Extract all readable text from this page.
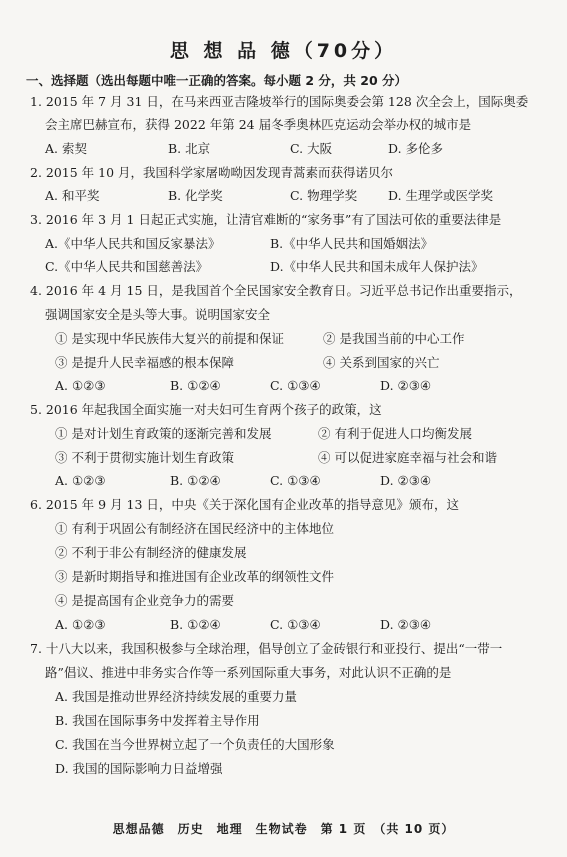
思 想 品 德（70分）
一、选择题（选出每题中唯一正确的答案。每小题 2 分，共 20 分）
1. 2015 年 7 月 31 日，在马来西亚吉隆坡举行的国际奥委会第 128 次全会上，国际奥委
会主席巴赫宣布，获得 2022 年第 24 届冬季奥林匹克运动会举办权的城市是
A. 索契	B. 北京	C. 大阪	D. 多伦多
2. 2015 年 10 月，我国科学家屠呦呦因发现青蒿素而获得诺贝尔
A. 和平奖	B. 化学奖	C. 物理学奖 D. 生理学或医学奖
3. 2016 年 3 月 1 日起正式实施，让清官难断的“家务事”有了国法可依的重要法律是
A.《中华人民共和国反家暴法》	B.《中华人民共和国婚姻法》
C.《中华人民共和国慈善法》	D.《中华人民共和国未成年人保护法》
4. 2016 年 4 月 15 日，是我国首个全民国家安全教育日。习近平总书记作出重要指示，
强调国家安全是头等大事。说明国家安全
① 是实现中华民族伟大复兴的前提和保证	② 是我国当前的中心工作
③ 是提升人民幸福感的根本保障	④ 关系到国家的兴亡
A. ①②③	B. ①②④	C. ①③④	D. ②③④
5. 2016 年起我国全面实施一对夫妇可生育两个孩子的政策，这
① 是对计划生育政策的逐渐完善和发展	② 有利于促进人口均衡发展
③ 不利于贯彻实施计划生育政策	④ 可以促进家庭幸福与社会和谐
A. ①②③	B. ①②④	C. ①③④	D. ②③④
6. 2015 年 9 月 13 日，中央《关于深化国有企业改革的指导意见》颁布，这
① 有利于巩固公有制经济在国民经济中的主体地位
② 不利于非公有制经济的健康发展
③ 是新时期指导和推进国有企业改革的纲领性文件
④ 是提高国有企业竞争力的需要
A. ①②③	B. ①②④	C. ①③④	D. ②③④
7. 十八大以来，我国积极参与全球治理，倡导创立了金砖银行和亚投行、提出“一带一
路”倡议、推进中非务实合作等一系列国际重大事务，对此认识不正确的是
A. 我国是推动世界经济持续发展的重要力量
B. 我国在国际事务中发挥着主导作用
C. 我国在当今世界树立起了一个负责任的大国形象
D. 我国的国际影响力日益增强
思想品德　历史　地理　生物试卷　第 1 页　（共 10 页）
